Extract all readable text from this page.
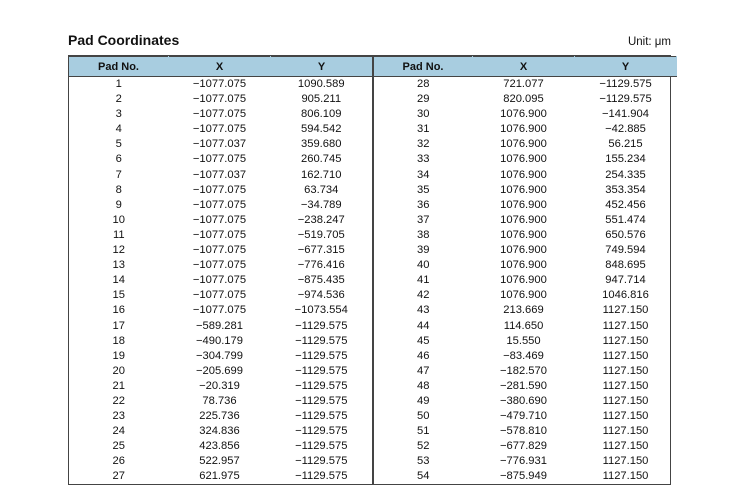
Pad Coordinates	Unit: μm
Pad No.	X	Y	Pad No.	X	Y
1	−1077.075	1090.589	28	721.077	−1129.575
2	−1077.075	905.211	29	820.095	−1129.575
3	−1077.075	806.109	30	1076.900	−141.904
4	−1077.075	594.542	31	1076.900	−42.885
5	−1077.037	359.680	32	1076.900	56.215
6	−1077.075	260.745	33	1076.900	155.234
7	−1077.037	162.710	34	1076.900	254.335
8	−1077.075	63.734	35	1076.900	353.354
9	−1077.075	−34.789	36	1076.900	452.456
10	−1077.075	−238.247	37	1076.900	551.474
11	−1077.075	−519.705	38	1076.900	650.576
12	−1077.075	−677.315	39	1076.900	749.594
13	−1077.075	−776.416	40	1076.900	848.695
14	−1077.075	−875.435	41	1076.900	947.714
15	−1077.075	−974.536	42	1076.900	1046.816
16	−1077.075	−1073.554	43	213.669	1127.150
17	−589.281	−1129.575	44	114.650	1127.150
18	−490.179	−1129.575	45	15.550	1127.150
19	−304.799	−1129.575	46	−83.469	1127.150
20	−205.699	−1129.575	47	−182.570	1127.150
21	−20.319	−1129.575	48	−281.590	1127.150
22	78.736	−1129.575	49	−380.690	1127.150
23	225.736	−1129.575	50	−479.710	1127.150
24	324.836	−1129.575	51	−578.810	1127.150
25	423.856	−1129.575	52	−677.829	1127.150
26	522.957	−1129.575	53	−776.931	1127.150
27	621.975	−1129.575	54	−875.949	1127.150
